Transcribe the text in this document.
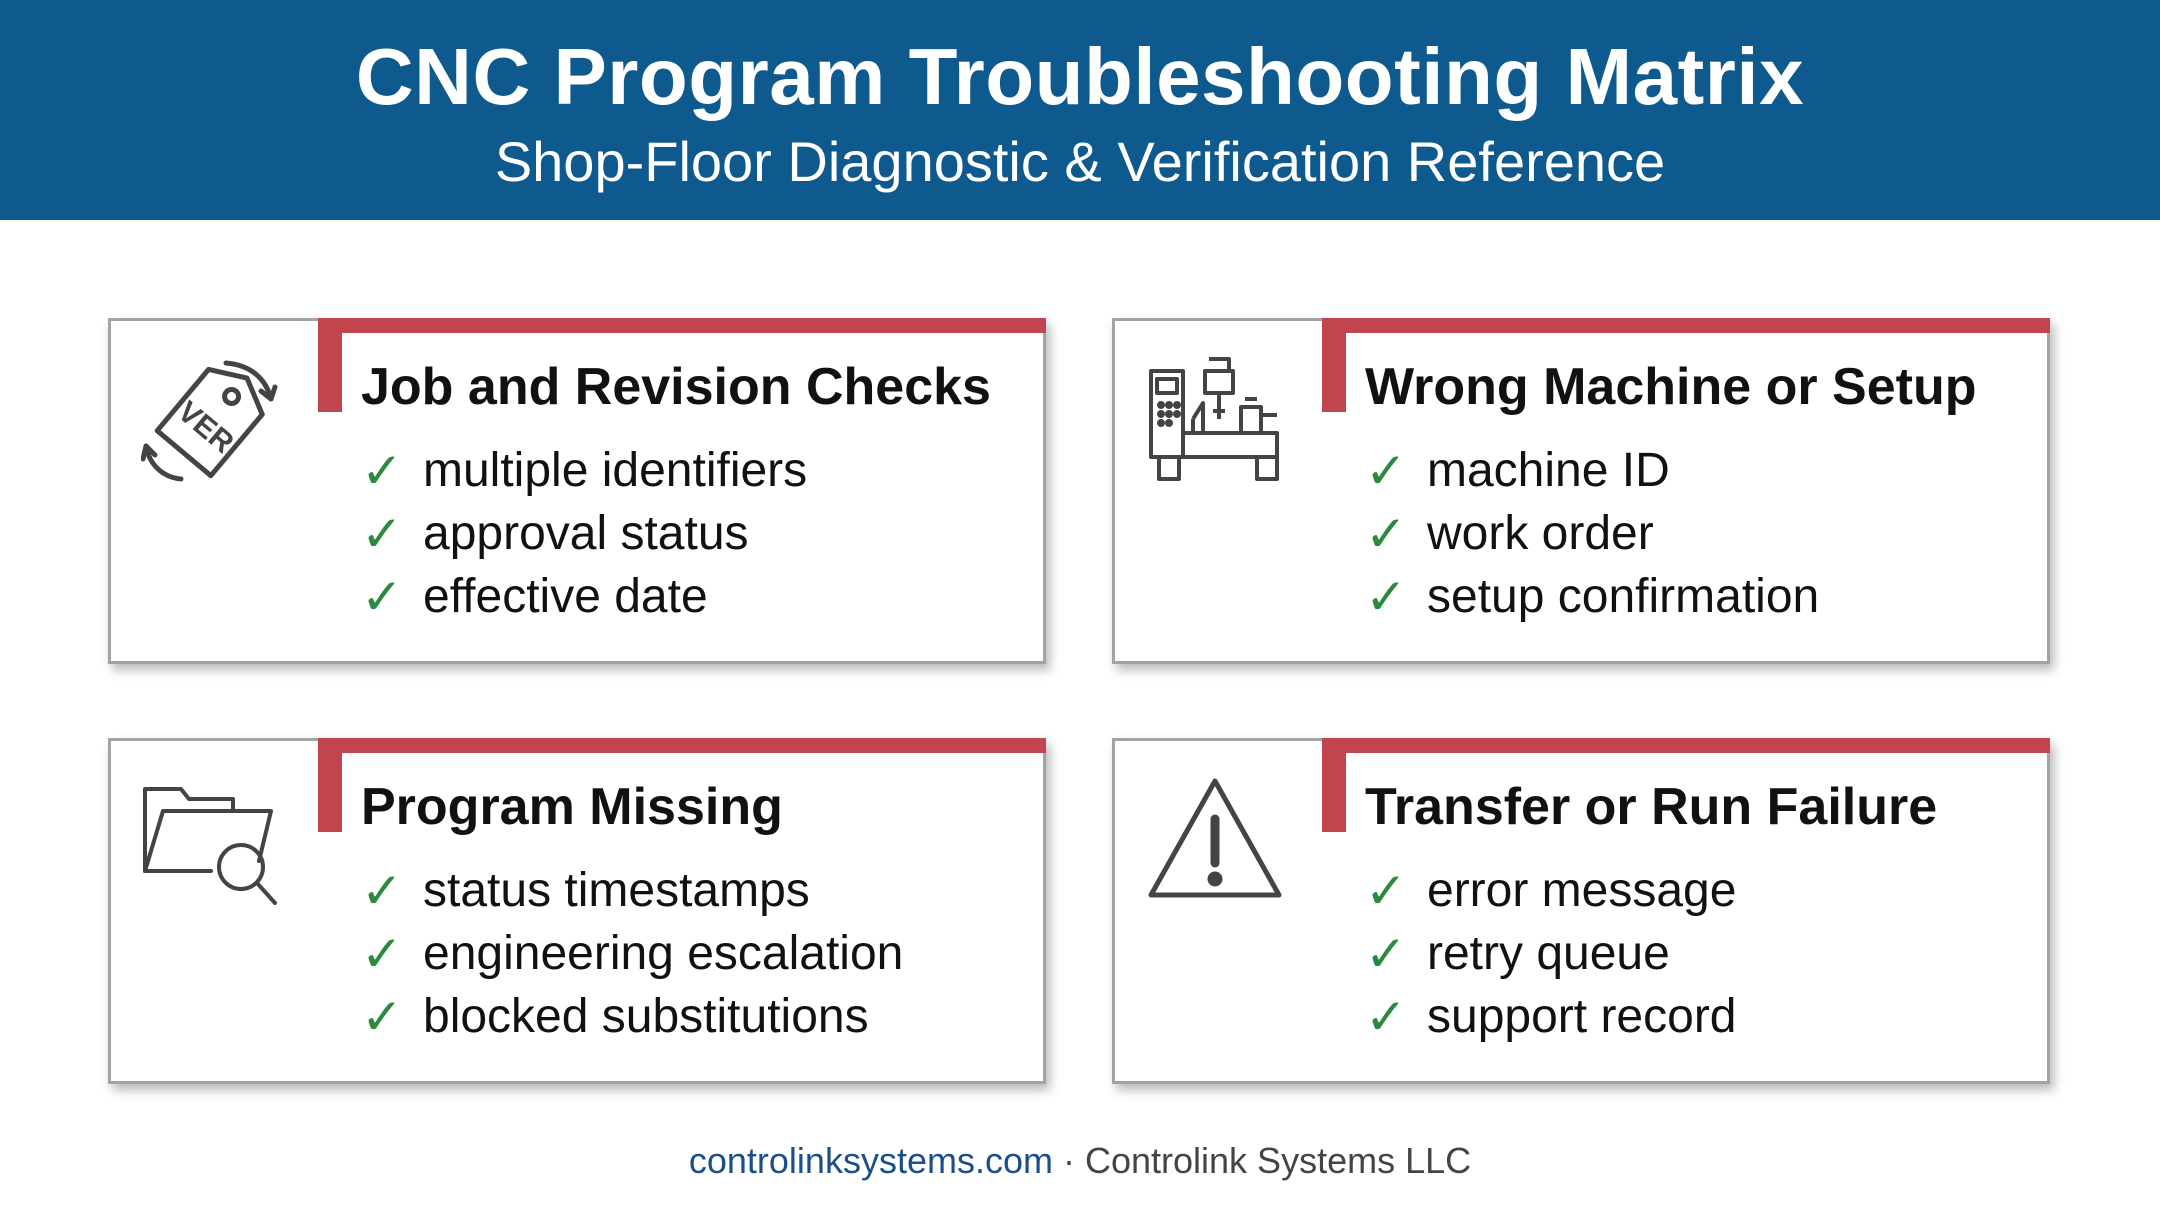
CNC Program Troubleshooting Matrix
Shop-Floor Diagnostic & Verification Reference
VER
Job and Revision Checks
✓ multiple identifiers
✓ approval status
✓ effective date
Wrong Machine or Setup
✓ machine ID
✓ work order
✓ setup confirmation
Program Missing
✓ status timestamps
✓ engineering escalation
✓ blocked substitutions
Transfer or Run Failure
✓ error message
✓ retry queue
✓ support record
controlinksystems.com · Controlink Systems LLC
